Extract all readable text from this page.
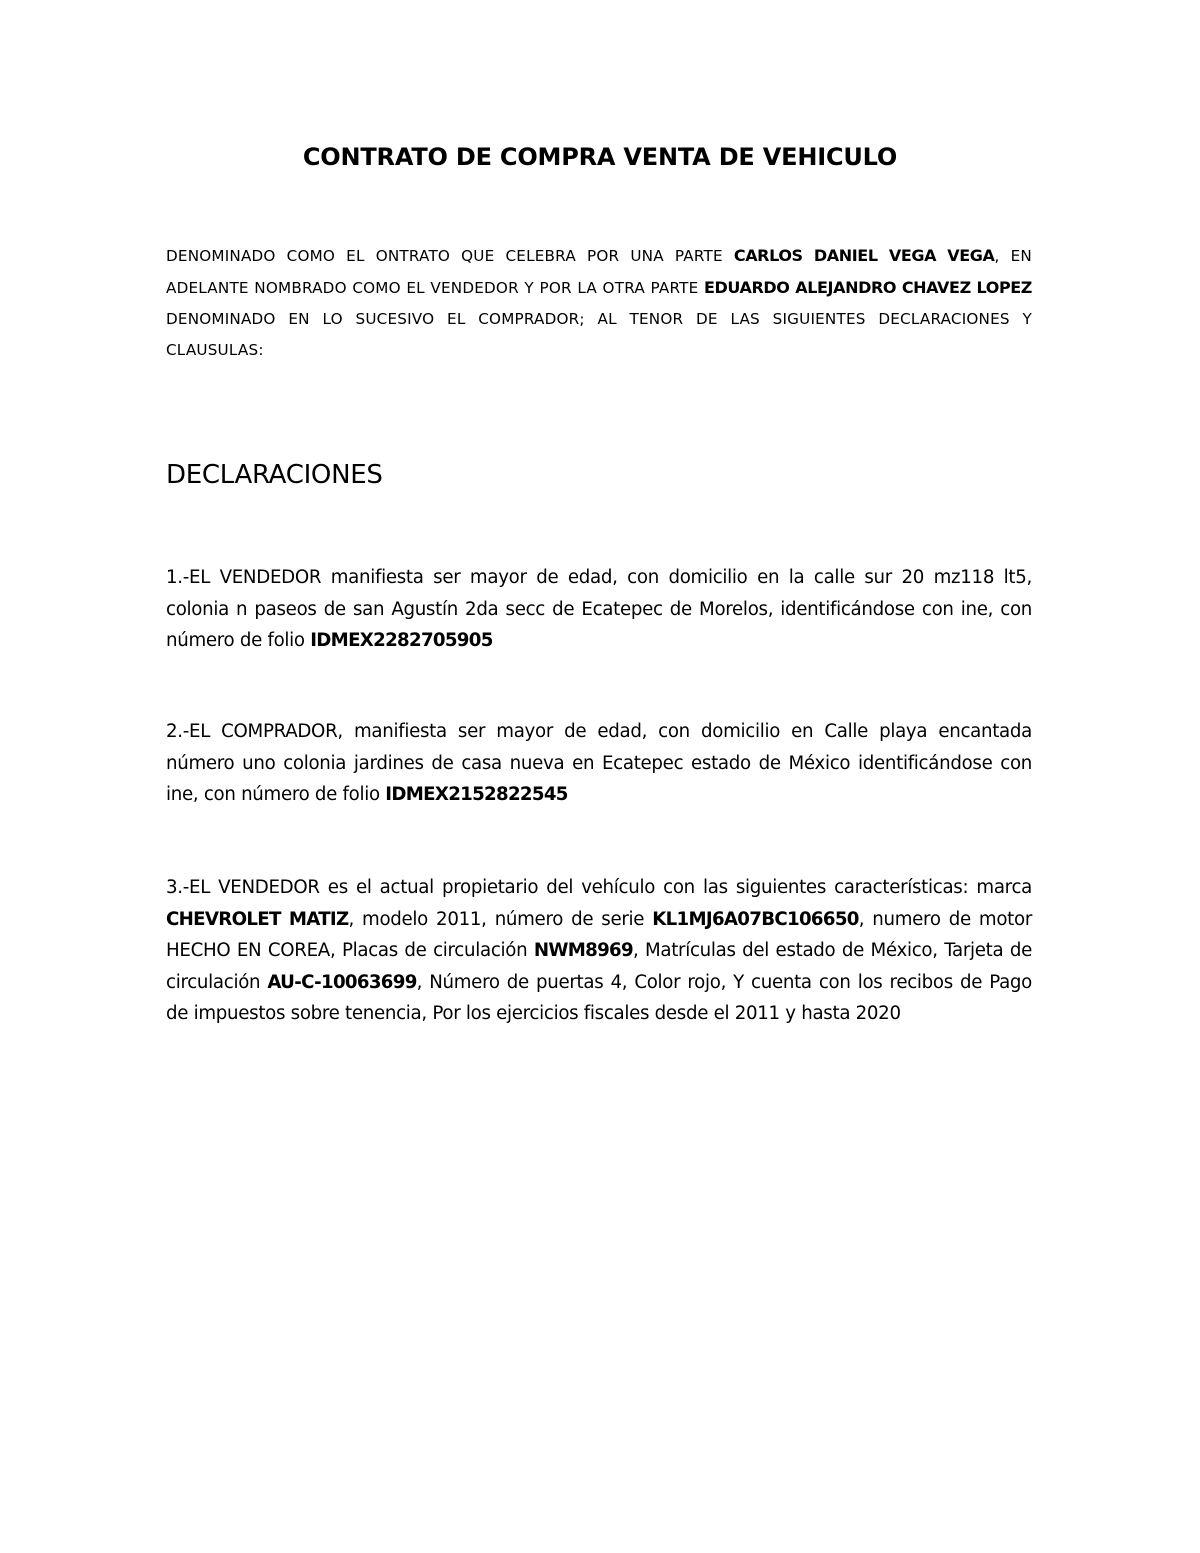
CONTRATO DE COMPRA VENTA DE VEHICULO

DENOMINADO COMO EL ONTRATO QUE CELEBRA POR UNA PARTE CARLOS DANIEL VEGA VEGA, EN ADELANTE NOMBRADO COMO EL VENDEDOR Y POR LA OTRA PARTE EDUARDO ALEJANDRO CHAVEZ LOPEZ DENOMINADO EN LO SUCESIVO EL COMPRADOR; AL TENOR DE LAS SIGUIENTES DECLARACIONES Y CLAUSULAS:

DECLARACIONES

1.-EL VENDEDOR manifiesta ser mayor de edad, con domicilio en la calle sur 20 mz118 lt5, colonia n paseos de san Agustín 2da secc de Ecatepec de Morelos, identificándose con ine, con número de folio IDMEX2282705905

2.-EL COMPRADOR, manifiesta ser mayor de edad, con domicilio en Calle playa encantada número uno colonia jardines de casa nueva en Ecatepec estado de México identificándose con ine, con número de folio IDMEX2152822545

3.-EL VENDEDOR es el actual propietario del vehículo con las siguientes características: marca CHEVROLET MATIZ, modelo 2011, número de serie KL1MJ6A07BC106650, numero de motor HECHO EN COREA, Placas de circulación NWM8969, Matrículas del estado de México, Tarjeta de circulación AU-C-10063699, Número de puertas 4, Color rojo, Y cuenta con los recibos de Pago de impuestos sobre tenencia, Por los ejercicios fiscales desde el 2011 y hasta 2020
